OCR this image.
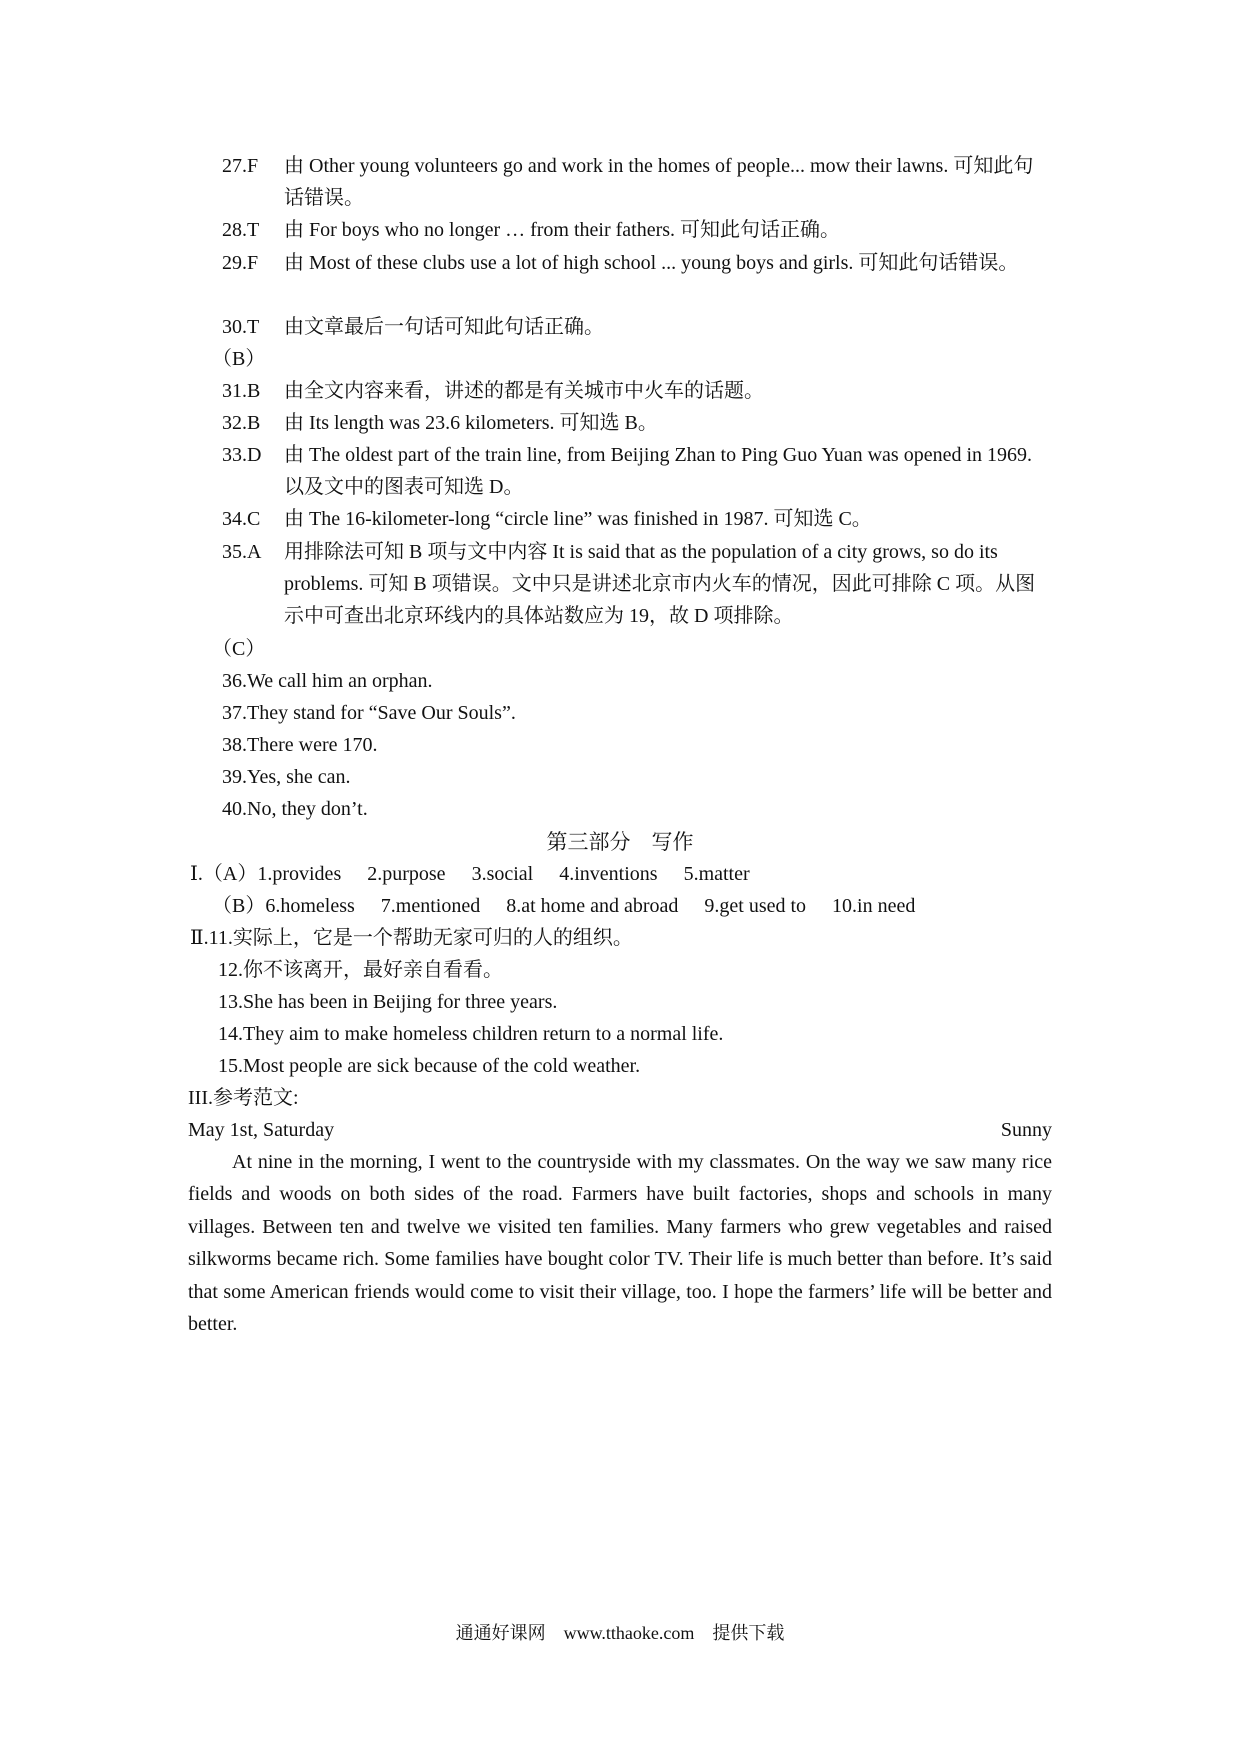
27.F	由 Other young volunteers go and work in the homes of people... mow their lawns. 可知此句话错误。
28.T	由 For boys who no longer … from their fathers. 可知此句话正确。
29.F	由 Most of these clubs use a lot of high school ... young boys and girls. 可知此句话错误。
30.T	由文章最后一句话可知此句话正确。
（B）
31.B	由全文内容来看，讲述的都是有关城市中火车的话题。
32.B	由 Its length was 23.6 kilometers. 可知选 B。
33.D	由 The oldest part of the train line, from Beijing Zhan to Ping Guo Yuan was opened in 1969. 以及文中的图表可知选 D。
34.C	由 The 16-kilometer-long “circle line” was finished in 1987. 可知选 C。
35.A	用排除法可知 B 项与文中内容 It is said that as the population of a city grows, so do its problems. 可知 B 项错误。文中只是讲述北京市内火车的情况，因此可排除 C 项。从图示中可查出北京环线内的具体站数应为 19，故 D 项排除。
（C）
36.We call him an orphan.
37.They stand for “Save Our Souls”.
38.There were 170.
39.Yes, she can.
40.No, they don’t.
第三部分　写作
Ⅰ.（A）1.provides 2.purpose 3.social 4.inventions 5.matter
（B）6.homeless 7.mentioned 8.at home and abroad 9.get used to 10.in need
Ⅱ.11.实际上，它是一个帮助无家可归的人的组织。
12.你不该离开，最好亲自看看。
13.She has been in Beijing for three years.
14.They aim to make homeless children return to a normal life.
15.Most people are sick because of the cold weather.
III.参考范文:
May 1st, Saturday	Sunny
At nine in the morning, I went to the countryside with my classmates. On the way we saw many rice fields and woods on both sides of the road. Farmers have built factories, shops and schools in many villages. Between ten and twelve we visited ten families. Many farmers who grew vegetables and raised silkworms became rich. Some families have bought color TV. Their life is much better than before. It’s said that some American friends would come to visit their village, too. I hope the farmers’ life will be better and better.
通通好课网　www.tthaoke.com　提供下载
